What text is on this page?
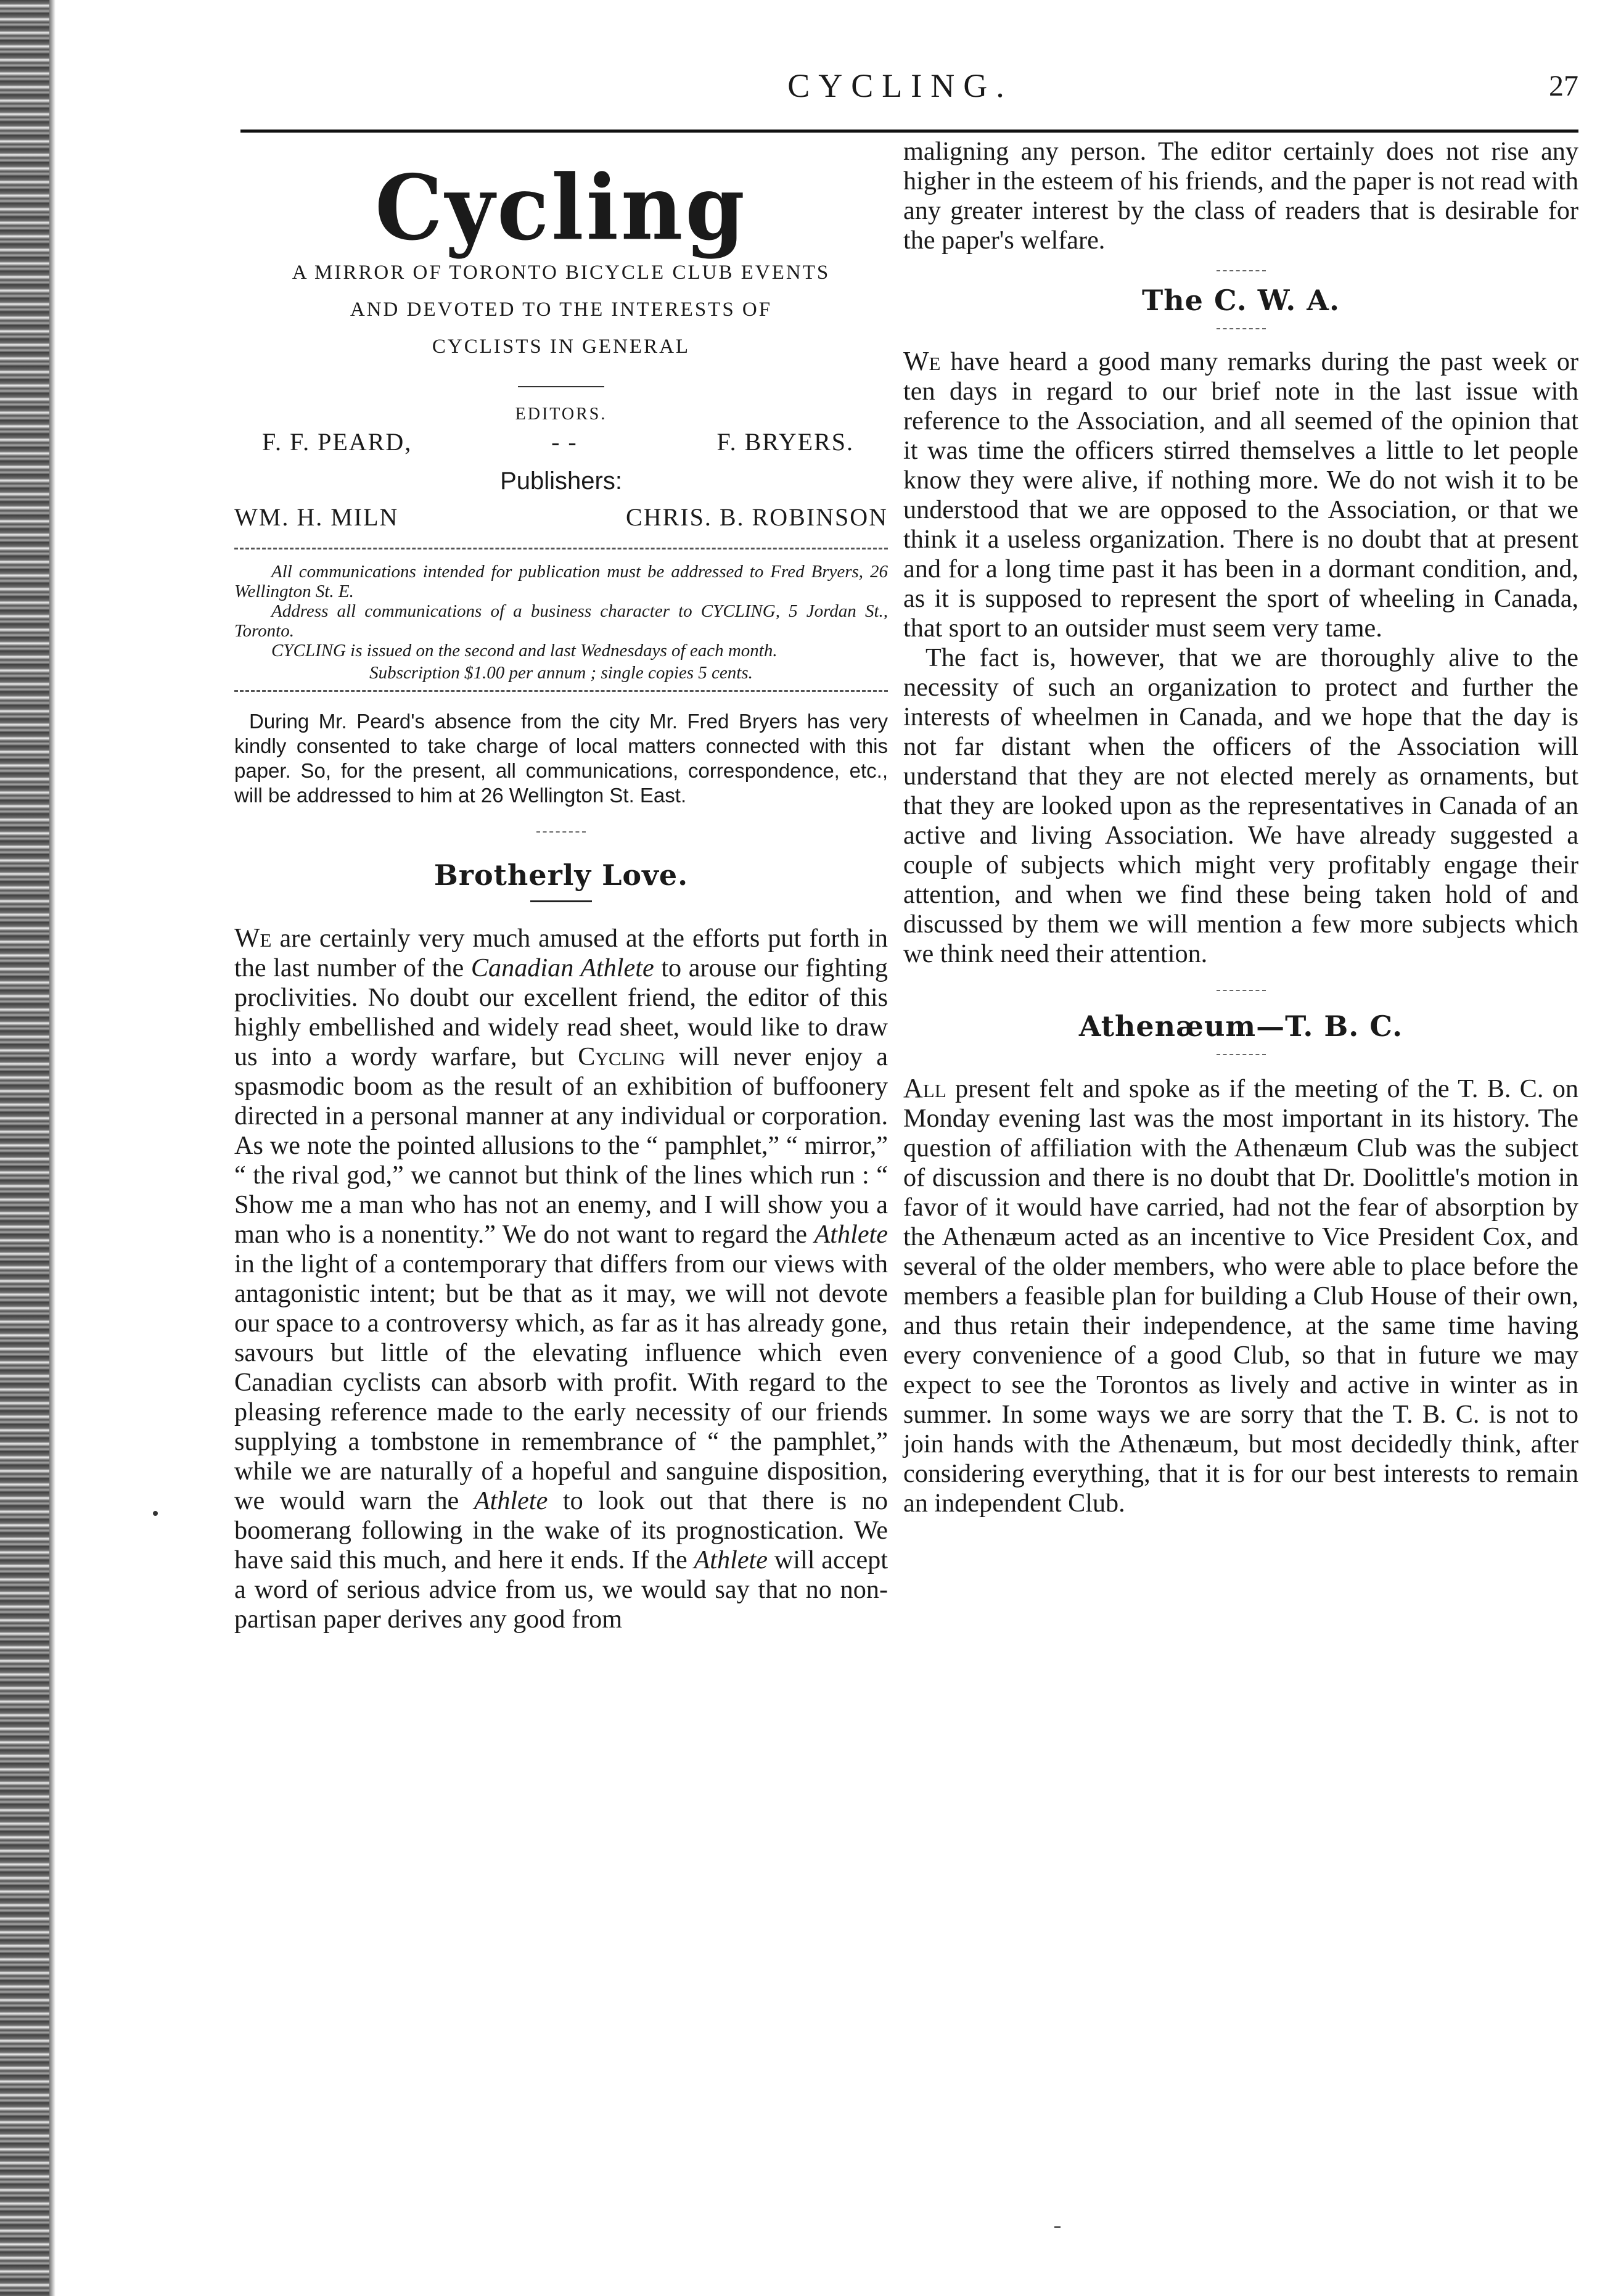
CYCLING.	27
Cycling
A MIRROR OF TORONTO BICYCLE CLUB EVENTS
AND DEVOTED TO THE INTERESTS OF
CYCLISTS IN GENERAL
EDITORS.
F. F. PEARD,	- -	F. BRYERS.
Publishers:
WM. H. MILN	CHRIS. B. ROBINSON

All communications intended for publication must be addressed to Fred Bryers, 26 Wellington St. E.

Address all communications of a business character to CYCLING, 5 Jordan St., Toronto.

CYCLING is issued on the second and last Wednesdays of each month.

Subscription $1.00 per annum ; single copies 5 cents.

During Mr. Peard's absence from the city Mr. Fred Bryers has very kindly consented to take charge of local matters connected with this paper. So, for the present, all communications, correspondence, etc., will be addressed to him at 26 Wellington St. East.

Brotherly Love.

We are certainly very much amused at the efforts put forth in the last number of the Canadian Athlete to arouse our fighting proclivities. No doubt our excellent friend, the editor of this highly embellished and widely read sheet, would like to draw us into a wordy warfare, but Cycling will never enjoy a spasmodic boom as the result of an exhibition of buffoonery directed in a personal manner at any individual or corporation. As we note the pointed allusions to the “ pamphlet,” “ mirror,” “ the rival god,” we cannot but think of the lines which run : “ Show me a man who has not an enemy, and I will show you a man who is a nonentity.” We do not want to regard the Athlete in the light of a contemporary that differs from our views with antagonistic intent; but be that as it may, we will not devote our space to a controversy which, as far as it has already gone, savours but little of the elevating influence which even Canadian cyclists can absorb with profit. With regard to the pleasing reference made to the early necessity of our friends supplying a tombstone in remembrance of “ the pamphlet,” while we are naturally of a hopeful and sanguine disposition, we would warn the Athlete to look out that there is no boomerang following in the wake of its prognostication. We have said this much, and here it ends. If the Athlete will accept a word of serious advice from us, we would say that no non-partisan paper derives any good from

maligning any person. The editor certainly does not rise any higher in the esteem of his friends, and the paper is not read with any greater interest by the class of readers that is desirable for the paper's welfare.

The C. W. A.

We have heard a good many remarks during the past week or ten days in regard to our brief note in the last issue with reference to the Association, and all seemed of the opinion that it was time the officers stirred themselves a little to let people know they were alive, if nothing more. We do not wish it to be understood that we are opposed to the Association, or that we think it a useless organization. There is no doubt that at present and for a long time past it has been in a dormant condition, and, as it is supposed to represent the sport of wheeling in Canada, that sport to an outsider must seem very tame.

The fact is, however, that we are thoroughly alive to the necessity of such an organization to protect and further the interests of wheelmen in Canada, and we hope that the day is not far distant when the officers of the Association will understand that they are not elected merely as ornaments, but that they are looked upon as the representatives in Canada of an active and living Association. We have already suggested a couple of subjects which might very profitably engage their attention, and when we find these being taken hold of and discussed by them we will mention a few more subjects which we think need their attention.

Athenæum—T. B. C.

All present felt and spoke as if the meeting of the T. B. C. on Monday evening last was the most important in its history. The question of affiliation with the Athenæum Club was the subject of discussion and there is no doubt that Dr. Doolittle's motion in favor of it would have carried, had not the fear of absorption by the Athenæum acted as an incentive to Vice President Cox, and several of the older members, who were able to place before the members a feasible plan for building a Club House of their own, and thus retain their independence, at the same time having every convenience of a good Club, so that in future we may expect to see the Torontos as lively and active in winter as in summer. In some ways we are sorry that the T. B. C. is not to join hands with the Athenæum, but most decidedly think, after considering everything, that it is for our best interests to remain an independent Club.
